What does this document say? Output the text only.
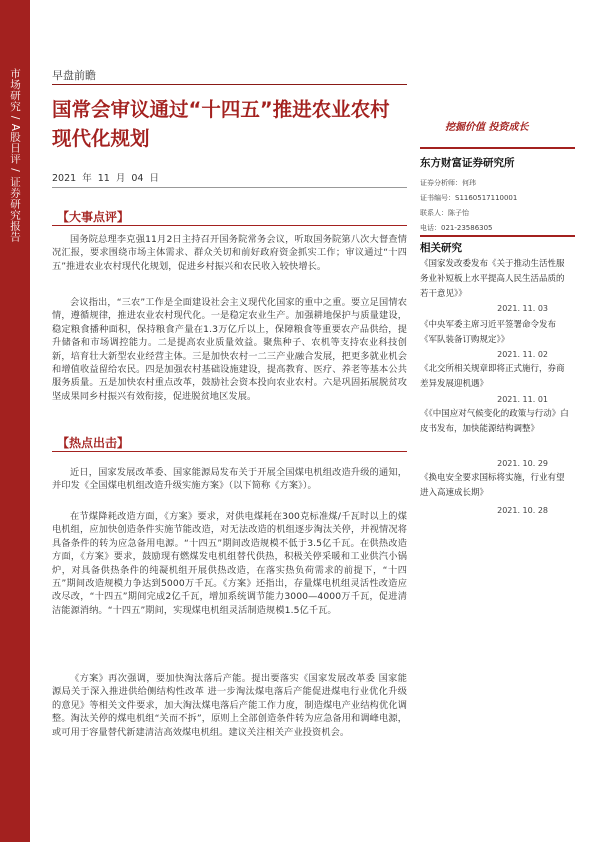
市场研究 / A股日评 / 证券研究报告	早盘前瞻
国常会审议通过“十四五”推进农业农村现代化规划	挖掘价值 投资成长
2021 年 11 月 04 日
东方财富证券研究所
证券分析师：何玮
证书编号：S1160517110001
联系人：陈子怡
电话：021-23586305
相关研究
《国家发改委发布《关于推动生活性服务业补短板上水平提高人民生活品质的若干意见》》
2021. 11. 03
《中央军委主席习近平签署命令发布《军队装备订购规定》》
2021. 11. 02
《北交所相关规章即将正式施行，券商差异发展迎机遇》
2021. 11. 01
《《中国应对气候变化的政策与行动》白皮书发布，加快能源结构调整》
2021. 10. 29
《换电安全要求国标将实施，行业有望进入高速成长期》
2021. 10. 28
【大事点评】
国务院总理李克强11月2日主持召开国务院常务会议，听取国务院第八次大督查情况汇报，要求围绕市场主体需求、群众关切和前好政府资金抓实工作；审议通过“十四五”推进农业农村现代化规划，促进乡村振兴和农民收入较快增长。
会议指出，“三农”工作是全面建设社会主义现代化国家的重中之重。要立足国情农情，遵循规律，推进农业农村现代化。一是稳定农业生产。加强耕地保护与质量建设，稳定粮食播种面积，保持粮食产量在1.3万亿斤以上，保障粮食等重要农产品供给，提升储备和市场调控能力。二是提高农业质量效益。聚焦种子、农机等支持农业科技创新，培育壮大新型农业经营主体。三是加快农村一二三产业融合发展，把更多就业机会和增值收益留给农民。四是加强农村基础设施建设，提高教育、医疗、养老等基本公共服务质量。五是加快农村重点改革，鼓励社会资本投向农业农村。六是巩固拓展脱贫攻坚成果同乡村振兴有效衔接，促进脱贫地区发展。
【热点出击】
近日，国家发展改革委、国家能源局发布关于开展全国煤电机组改造升级的通知，并印发《全国煤电机组改造升级实施方案》（以下简称《方案》）。
在节煤降耗改造方面，《方案》要求，对供电煤耗在300克标准煤/千瓦时以上的煤电机组，应加快创造条件实施节能改造，对无法改造的机组逐步淘汰关停，并视情况将具备条件的转为应急备用电源。“十四五”期间改造规模不低于3.5亿千瓦。在供热改造方面，《方案》要求，鼓励现有燃煤发电机组替代供热，积极关停采暖和工业供汽小锅炉，对具备供热条件的纯凝机组开展供热改造，在落实热负荷需求的前提下，“十四五”期间改造规模力争达到5000万千瓦。《方案》还指出，存量煤电机组灵活性改造应改尽改，“十四五”期间完成2亿千瓦，增加系统调节能力3000—4000万千瓦，促进清洁能源消纳。“十四五”期间，实现煤电机组灵活制造规模1.5亿千瓦。
《方案》再次强调，要加快淘汰落后产能。提出要落实《国家发展改革委 国家能源局关于深入推进供给侧结构性改革 进一步淘汰煤电落后产能促进煤电行业优化升级的意见》等相关文件要求，加大淘汰煤电落后产能工作力度，制造煤电产业结构优化调整。淘汰关停的煤电机组“关而不拆”，原则上全部创造条件转为应急备用和调峰电源，或可用于容量替代新建清洁高效煤电机组。建议关注相关产业投资机会。
